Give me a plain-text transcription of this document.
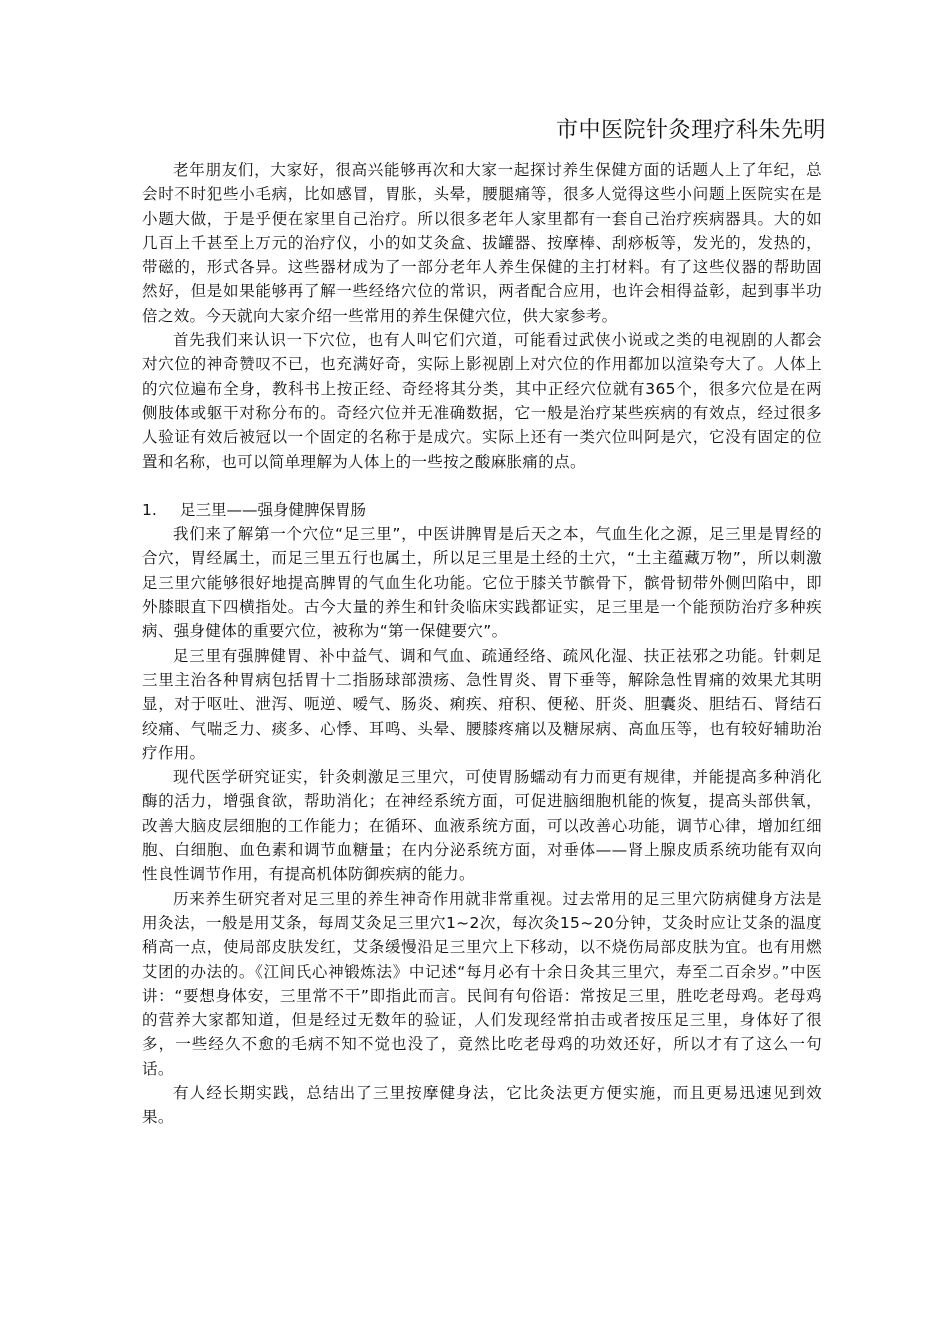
市中医院针灸理疗科朱先明

老年朋友们，大家好，很高兴能够再次和大家一起探讨养生保健方面的话题人上了年纪，总会时不时犯些小毛病，比如感冒，胃胀，头晕，腰腿痛等，很多人觉得这些小问题上医院实在是小题大做，于是乎便在家里自己治疗。所以很多老年人家里都有一套自己治疗疾病器具。大的如几百上千甚至上万元的治疗仪，小的如艾灸盒、拔罐器、按摩棒、刮痧板等，发光的，发热的，带磁的，形式各异。这些器材成为了一部分老年人养生保健的主打材料。有了这些仪器的帮助固然好，但是如果能够再了解一些经络穴位的常识，两者配合应用，也许会相得益彰，起到事半功倍之效。今天就向大家介绍一些常用的养生保健穴位，供大家参考。

首先我们来认识一下穴位，也有人叫它们穴道，可能看过武侠小说或之类的电视剧的人都会对穴位的神奇赞叹不已，也充满好奇，实际上影视剧上对穴位的作用都加以渲染夸大了。人体上的穴位遍布全身，教科书上按正经、奇经将其分类，其中正经穴位就有365个，很多穴位是在两侧肢体或躯干对称分布的。奇经穴位并无准确数据，它一般是治疗某些疾病的有效点，经过很多人验证有效后被冠以一个固定的名称于是成穴。实际上还有一类穴位叫阿是穴，它没有固定的位置和名称，也可以简单理解为人体上的一些按之酸麻胀痛的点。

1. 足三里——强身健脾保胃肠

我们来了解第一个穴位“足三里”，中医讲脾胃是后天之本，气血生化之源，足三里是胃经的合穴，胃经属土，而足三里五行也属土，所以足三里是土经的土穴，“土主蕴藏万物”，所以刺激足三里穴能够很好地提高脾胃的气血生化功能。它位于膝关节髌骨下，髌骨韧带外侧凹陷中，即外膝眼直下四横指处。古今大量的养生和针灸临床实践都证实，足三里是一个能预防治疗多种疾病、强身健体的重要穴位，被称为“第一保健要穴”。

足三里有强脾健胃、补中益气、调和气血、疏通经络、疏风化湿、扶正祛邪之功能。针刺足三里主治各种胃病包括胃十二指肠球部溃疡、急性胃炎、胃下垂等，解除急性胃痛的效果尤其明显，对于呕吐、泄泻、呃逆、嗳气、肠炎、痢疾、疳积、便秘、肝炎、胆囊炎、胆结石、肾结石绞痛、气喘乏力、痰多、心悸、耳鸣、头晕、腰膝疼痛以及糖尿病、高血压等，也有较好辅助治疗作用。

现代医学研究证实，针灸刺激足三里穴，可使胃肠蠕动有力而更有规律，并能提高多种消化酶的活力，增强食欲，帮助消化；在神经系统方面，可促进脑细胞机能的恢复，提高头部供氧，改善大脑皮层细胞的工作能力；在循环、血液系统方面，可以改善心功能，调节心律，增加红细胞、白细胞、血色素和调节血糖量；在内分泌系统方面，对垂体——肾上腺皮质系统功能有双向性良性调节作用，有提高机体防御疾病的能力。

历来养生研究者对足三里的养生神奇作用就非常重视。过去常用的足三里穴防病健身方法是用灸法，一般是用艾条，每周艾灸足三里穴1~2次，每次灸15~20分钟，艾灸时应让艾条的温度稍高一点，使局部皮肤发红，艾条缓慢沿足三里穴上下移动，以不烧伤局部皮肤为宜。也有用燃艾团的办法的。《江间氏心神锻炼法》中记述“每月必有十余日灸其三里穴，寿至二百余岁。”中医讲：“要想身体安，三里常不干”即指此而言。民间有句俗语：常按足三里，胜吃老母鸡。老母鸡的营养大家都知道，但是经过无数年的验证，人们发现经常拍击或者按压足三里，身体好了很多，一些经久不愈的毛病不知不觉也没了，竟然比吃老母鸡的功效还好，所以才有了这么一句话。

有人经长期实践，总结出了三里按摩健身法，它比灸法更方便实施，而且更易迅速见到效果。
